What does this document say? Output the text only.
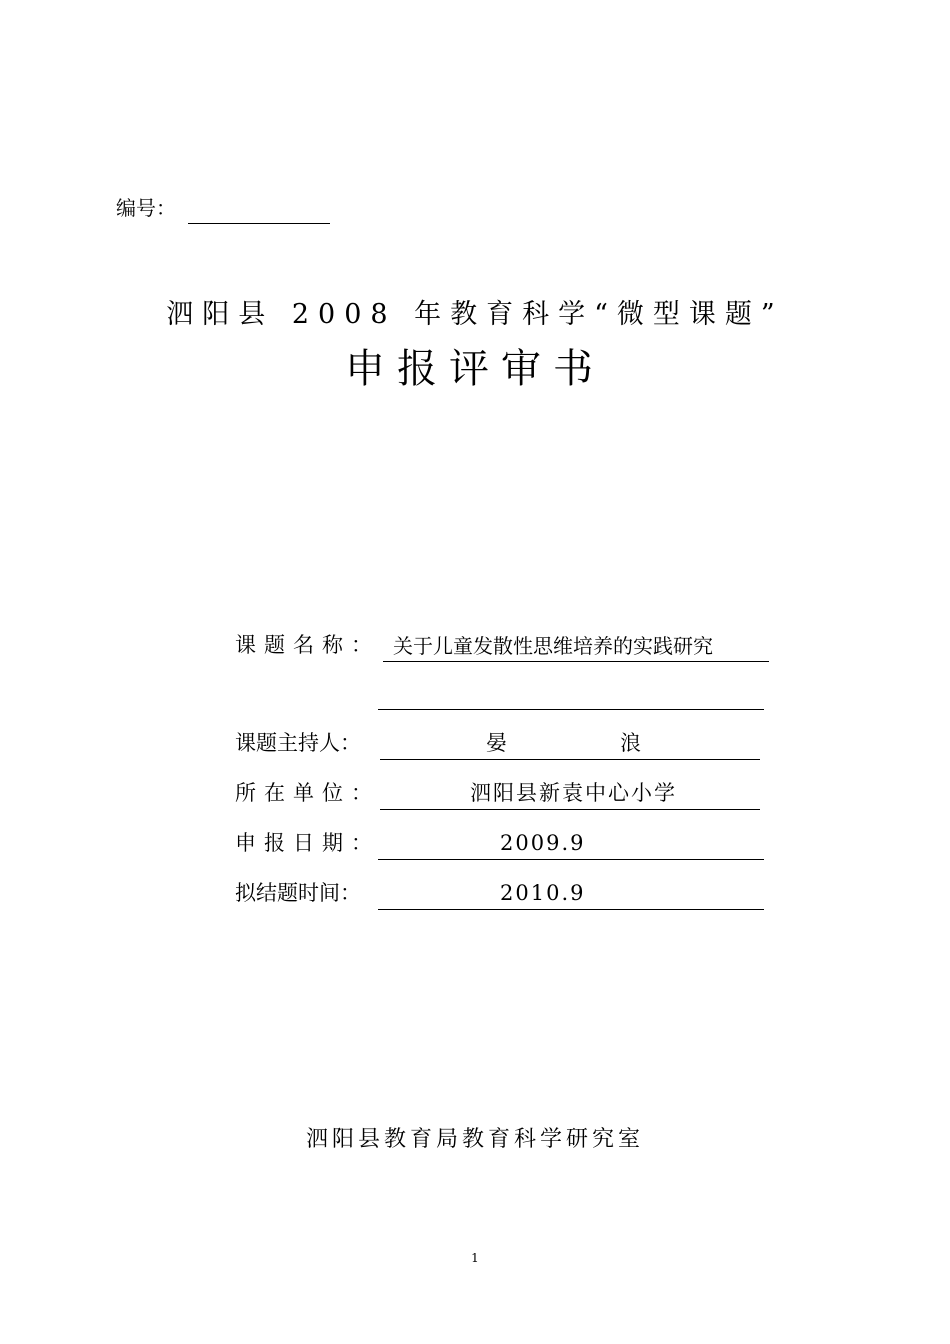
编号：
泗阳县 2008 年教育科学“微型课题”
申报评审书
课题名称： 关于儿童发散性思维培养的实践研究
课题主持人：	晏	浪
所在单位：	泗阳县新袁中心小学
申报日期：	2009.9
拟结题时间：	2010.9
泗阳县教育局教育科学研究室
1
